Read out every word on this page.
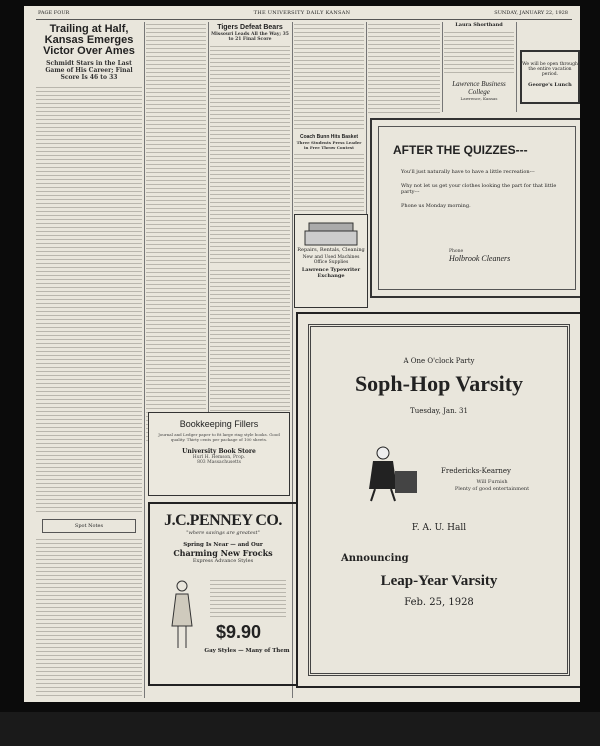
PAGE FOUR	THE UNIVERSITY DAILY KANSAN	SUNDAY, JANUARY 22, 1928
Trailing at Half, Kansas Emerges Victor Over Ames
Schmidt Stars in the Last Game of His Career; Final Score Is 46 to 33
Spot Notes
Tigers Defeat Bears
Missouri Leads All the Way; 35 to 21 Final Score
Bookkeeping Fillers
Journal and Ledger paper to fit large ring style books. Good quality. Thirty cents per package of 100 sheets.
University Book Store
Hurl H. Hemson, Prop.
803 Massachusetts
J.C.PENNEY CO.
"where savings are greatest"
Spring Is Near — and Our
Charming New Frocks
Express Advance Styles
$9.90
Gay Styles — Many of Them
Coach Bunn Hits Basket
Three Students Press Leader in Free Throw Contest
Repairs, Rentals, Cleaning
New and Used Machines
Office Supplies
Lawrence Typewriter Exchange
Laura Shorthand
Lawrence Business College
Lawrence, Kansas
We will be open through
the entire vacation period.
George's Lunch
AFTER THE QUIZZES---
You'll just naturally have to have a little recreation---
Why not let us get your clothes looking the part for that little party---
Phone us Monday morning.
Phone
Holbrook Cleaners
A One O'clock Party
Soph-Hop Varsity
Tuesday, Jan. 31
Fredericks-Kearney
Will Furnish
Plenty of good entertainment
F. A. U. Hall
Announcing
Leap-Year Varsity
Feb. 25, 1928
